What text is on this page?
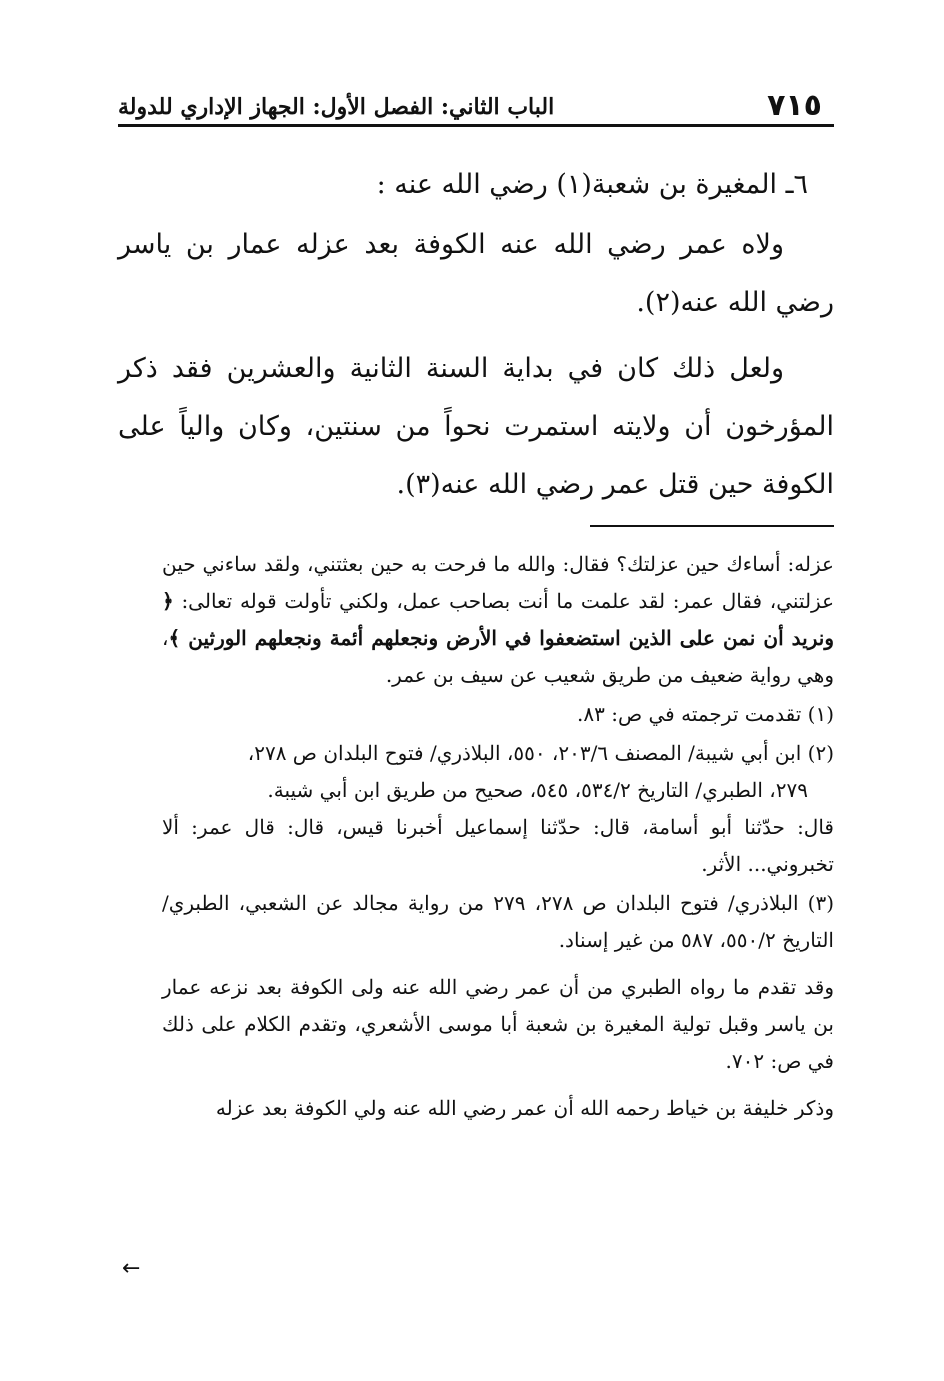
٧١٥
الباب الثاني: الفصل الأول: الجهاز الإداري للدولة

٦ـ المغيرة بن شعبة(١) رضي الله عنه :

ولاه عمر رضي الله عنه الكوفة بعد عزله عمار بن ياسر رضي الله عنه(٢).

ولعل ذلك كان في بداية السنة الثانية والعشرين فقد ذكر المؤرخون أن ولايته استمرت نحواً من سنتين، وكان والياً على الكوفة حين قتل عمر رضي الله عنه(٣).

عزله: أساءك حين عزلتك؟ فقال: والله ما فرحت به حين بعثتني، ولقد ساءني حين عزلتني، فقال عمر: لقد علمت ما أنت بصاحب عمل، ولكني تأولت قوله تعالى: ﴿ ونريد أن نمن على الذين استضعفوا في الأرض ونجعلهم أئمة ونجعلهم الورثين ﴾، وهي رواية ضعيف من طريق شعيب عن سيف بن عمر.

(١) تقدمت ترجمته في ص: ٨٣.

(٢) ابن أبي شيبة/ المصنف ٢٠٣/٦، ٥٥٠، البلاذري/ فتوح البلدان ص ٢٧٨،

٢٧٩، الطبري/ التاريخ ٥٣٤/٢، ٥٤٥، صحيح من طريق ابن أبي شيبة.

قال: حدّثنا أبو أسامة، قال: حدّثنا إسماعيل أخبرنا قيس، قال: قال عمر: ألا تخبروني... الأثر.

(٣) البلاذري/ فتوح البلدان ص ٢٧٨، ٢٧٩ من رواية مجالد عن الشعبي، الطبري/ التاريخ ٥٥٠/٢، ٥٨٧ من غير إسناد.

وقد تقدم ما رواه الطبري من أن عمر رضي الله عنه ولى الكوفة بعد نزعه عمار بن ياسر وقبل تولية المغيرة بن شعبة أبا موسى الأشعري، وتقدم الكلام على ذلك في ص: ٧٠٢.

وذكر خليفة بن خياط رحمه الله أن عمر رضي الله عنه ولي الكوفة بعد عزله

←
